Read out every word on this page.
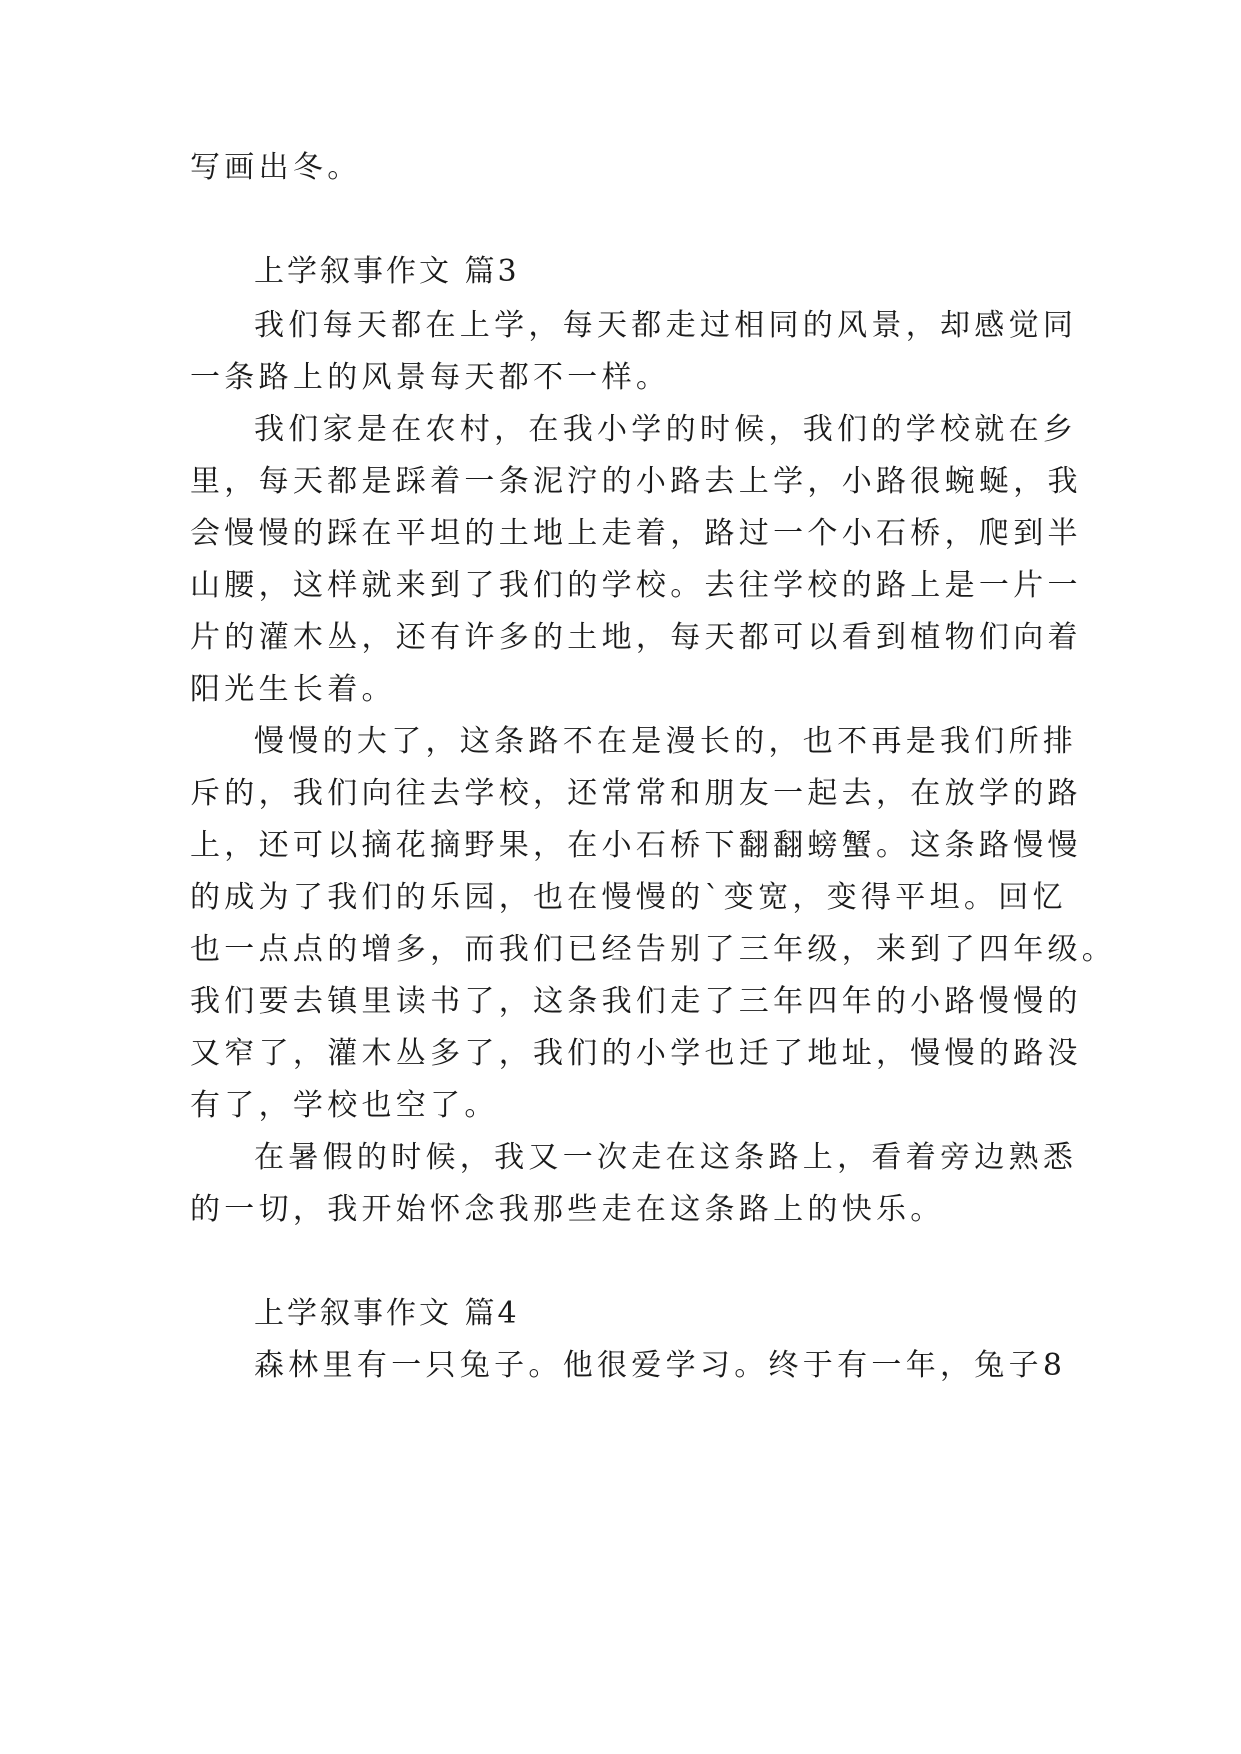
写画出冬。
上学叙事作文 篇3
我们每天都在上学，每天都走过相同的风景，却感觉同
一条路上的风景每天都不一样。
我们家是在农村，在我小学的时候，我们的学校就在乡
里，每天都是踩着一条泥泞的小路去上学，小路很蜿蜒，我
会慢慢的踩在平坦的土地上走着，路过一个小石桥，爬到半
山腰，这样就来到了我们的学校。去往学校的路上是一片一
片的灌木丛，还有许多的土地，每天都可以看到植物们向着
阳光生长着。
慢慢的大了，这条路不在是漫长的，也不再是我们所排
斥的，我们向往去学校，还常常和朋友一起去，在放学的路
上，还可以摘花摘野果，在小石桥下翻翻螃蟹。这条路慢慢
的成为了我们的乐园，也在慢慢的`变宽，变得平坦。回忆
也一点点的增多，而我们已经告别了三年级，来到了四年级。
我们要去镇里读书了，这条我们走了三年四年的小路慢慢的
又窄了，灌木丛多了，我们的小学也迁了地址，慢慢的路没
有了，学校也空了。
在暑假的时候，我又一次走在这条路上，看着旁边熟悉
的一切，我开始怀念我那些走在这条路上的快乐。
上学叙事作文 篇4
森林里有一只兔子。他很爱学习。终于有一年，兔子8
